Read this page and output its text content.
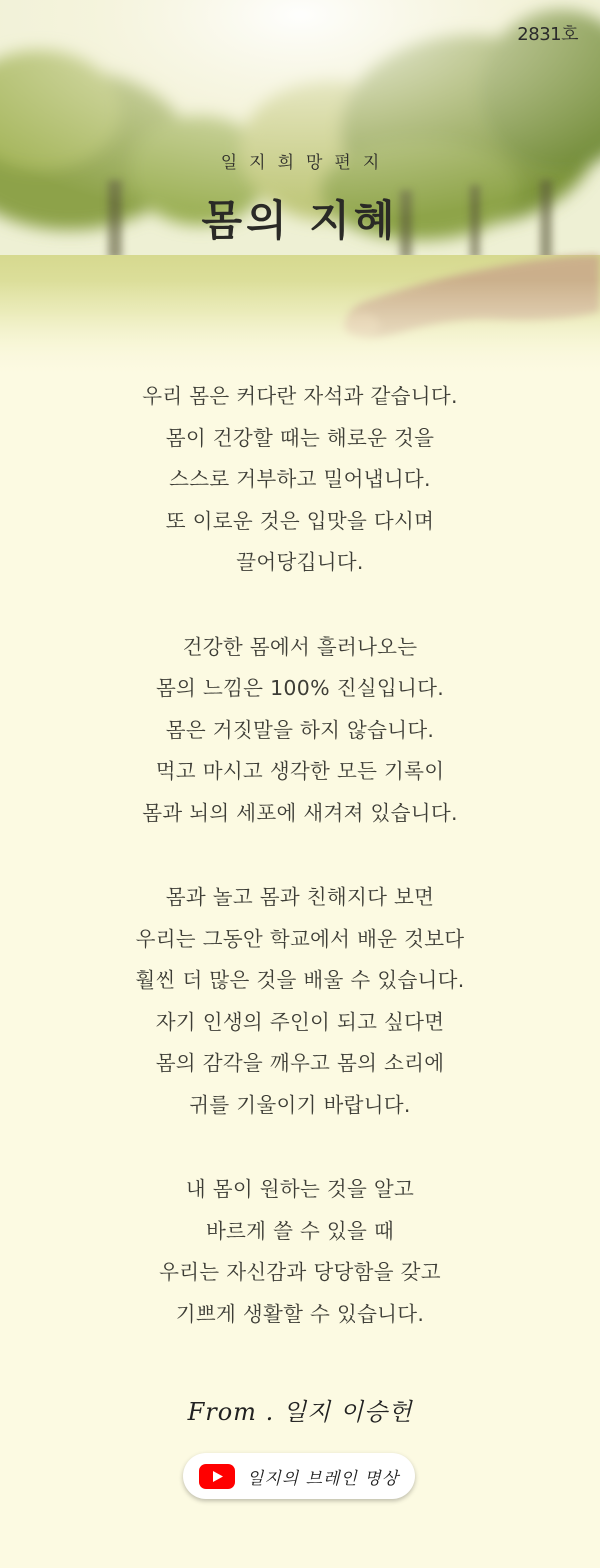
2831호
일지희망편지
몸의 지혜

우리 몸은 커다란 자석과 같습니다.
몸이 건강할 때는 해로운 것을
스스로 거부하고 밀어냅니다.
또 이로운 것은 입맛을 다시며
끌어당깁니다.

건강한 몸에서 흘러나오는
몸의 느낌은 100% 진실입니다.
몸은 거짓말을 하지 않습니다.
먹고 마시고 생각한 모든 기록이
몸과 뇌의 세포에 새겨져 있습니다.

몸과 놀고 몸과 친해지다 보면
우리는 그동안 학교에서 배운 것보다
훨씬 더 많은 것을 배울 수 있습니다.
자기 인생의 주인이 되고 싶다면
몸의 감각을 깨우고 몸의 소리에
귀를 기울이기 바랍니다.

내 몸이 원하는 것을 알고
바르게 쓸 수 있을 때
우리는 자신감과 당당함을 갖고
기쁘게 생활할 수 있습니다.

From . 일지 이승헌
일지의 브레인 명상
